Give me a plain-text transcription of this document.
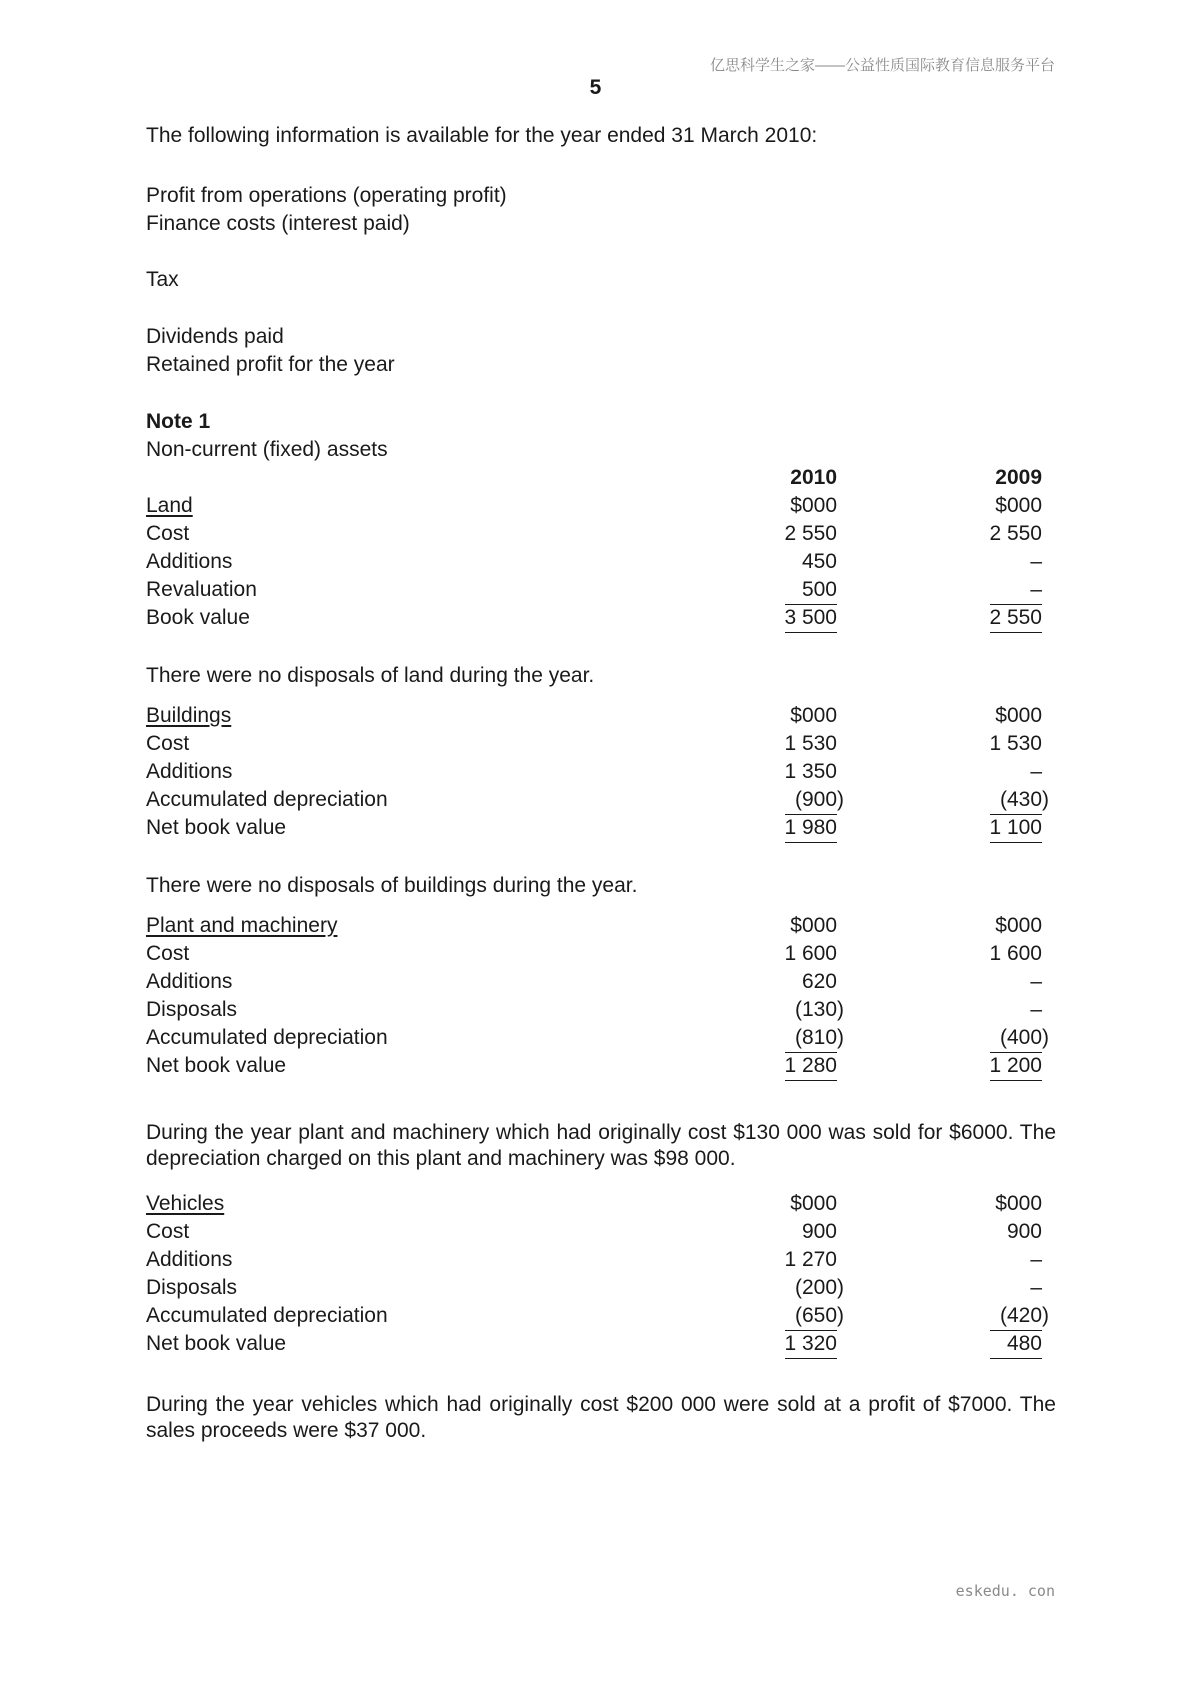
亿思科学生之家——公益性质国际教育信息服务平台
5
The following information is available for the year ended 31 March 2010:
Profit from operations (operating profit)
Finance costs (interest paid)
Tax
Dividends paid
Retained profit for the year
Note 1
Non-current (fixed) assets
2010	2009
Land	$000	$000
Cost	2 550	2 550
Additions	450	–
Revaluation	500	–
Book value	3 500	2 550
There were no disposals of land during the year.
Buildings	$000	$000
Cost	1 530	1 530
Additions	1 350	–
Accumulated depreciation	(900)	(430)
Net book value	1 980	1 100
There were no disposals of buildings during the year.
Plant and machinery	$000	$000
Cost	1 600	1 600
Additions	620	–
Disposals	(130)	–
Accumulated depreciation	(810)	(400)
Net book value	1 280	1 200
During the year plant and machinery which had originally cost $130 000 was sold for $6000. The depreciation charged on this plant and machinery was $98 000.
Vehicles	$000	$000
Cost	900	900
Additions	1 270	–
Disposals	(200)	–
Accumulated depreciation	(650)	(420)
Net book value	1 320	480
During the year vehicles which had originally cost $200 000 were sold at a profit of $7000. The sales proceeds were $37 000.
eskedu. con
